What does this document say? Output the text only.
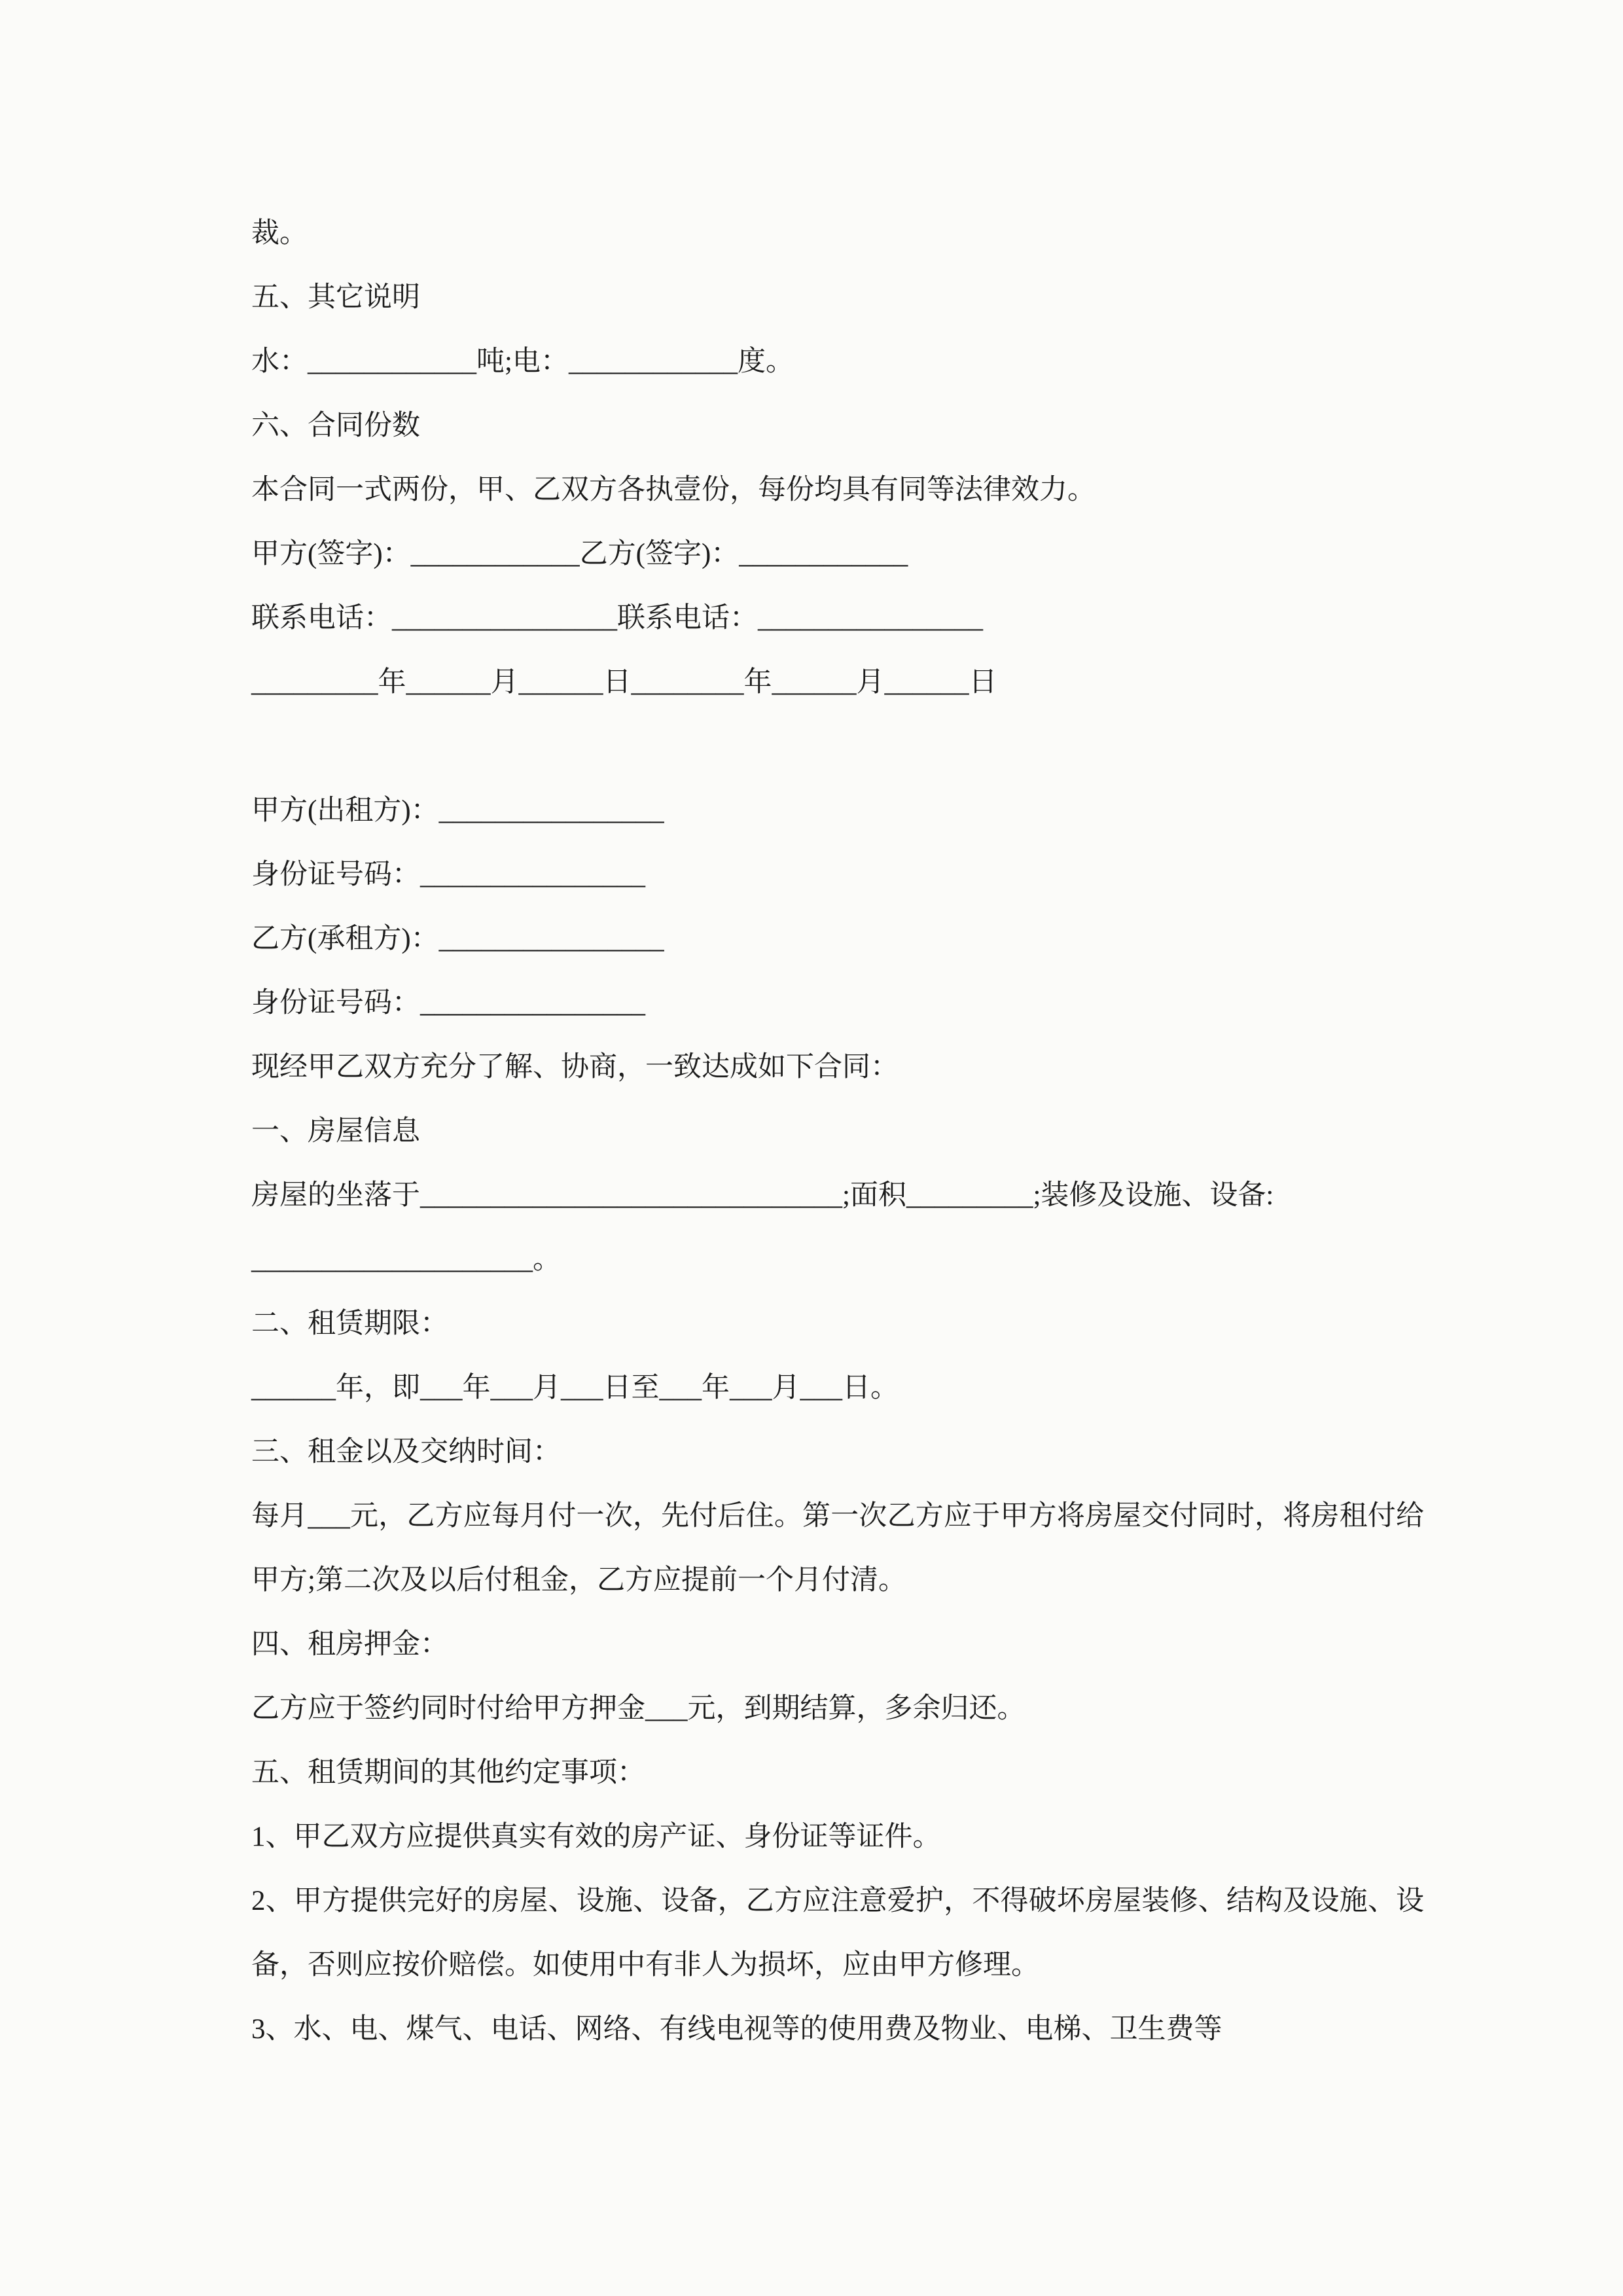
裁。

五、其它说明

水：____________吨;电：____________度。

六、合同份数

本合同一式两份，甲、乙双方各执壹份，每份均具有同等法律效力。

甲方(签字)：____________乙方(签字)：____________

联系电话：________________联系电话：________________

_________年______月______日________年______月______日

甲方(出租方)：________________

身份证号码：________________

乙方(承租方)：________________

身份证号码：________________

现经甲乙双方充分了解、协商，一致达成如下合同：

一、房屋信息

房屋的坐落于______________________________;面积_________;装修及设施、设备:

____________________。

二、租赁期限：

______年，即___年___月___日至___年___月___日。

三、租金以及交纳时间：

每月___元，乙方应每月付一次，先付后住。第一次乙方应于甲方将房屋交付同时，将房租付给甲方;第二次及以后付租金，乙方应提前一个月付清。

四、租房押金：

乙方应于签约同时付给甲方押金___元，到期结算，多余归还。

五、租赁期间的其他约定事项：

1、甲乙双方应提供真实有效的房产证、身份证等证件。

2、甲方提供完好的房屋、设施、设备，乙方应注意爱护，不得破坏房屋装修、结构及设施、设备，否则应按价赔偿。如使用中有非人为损坏，应由甲方修理。

3、水、电、煤气、电话、网络、有线电视等的使用费及物业、电梯、卫生费等
